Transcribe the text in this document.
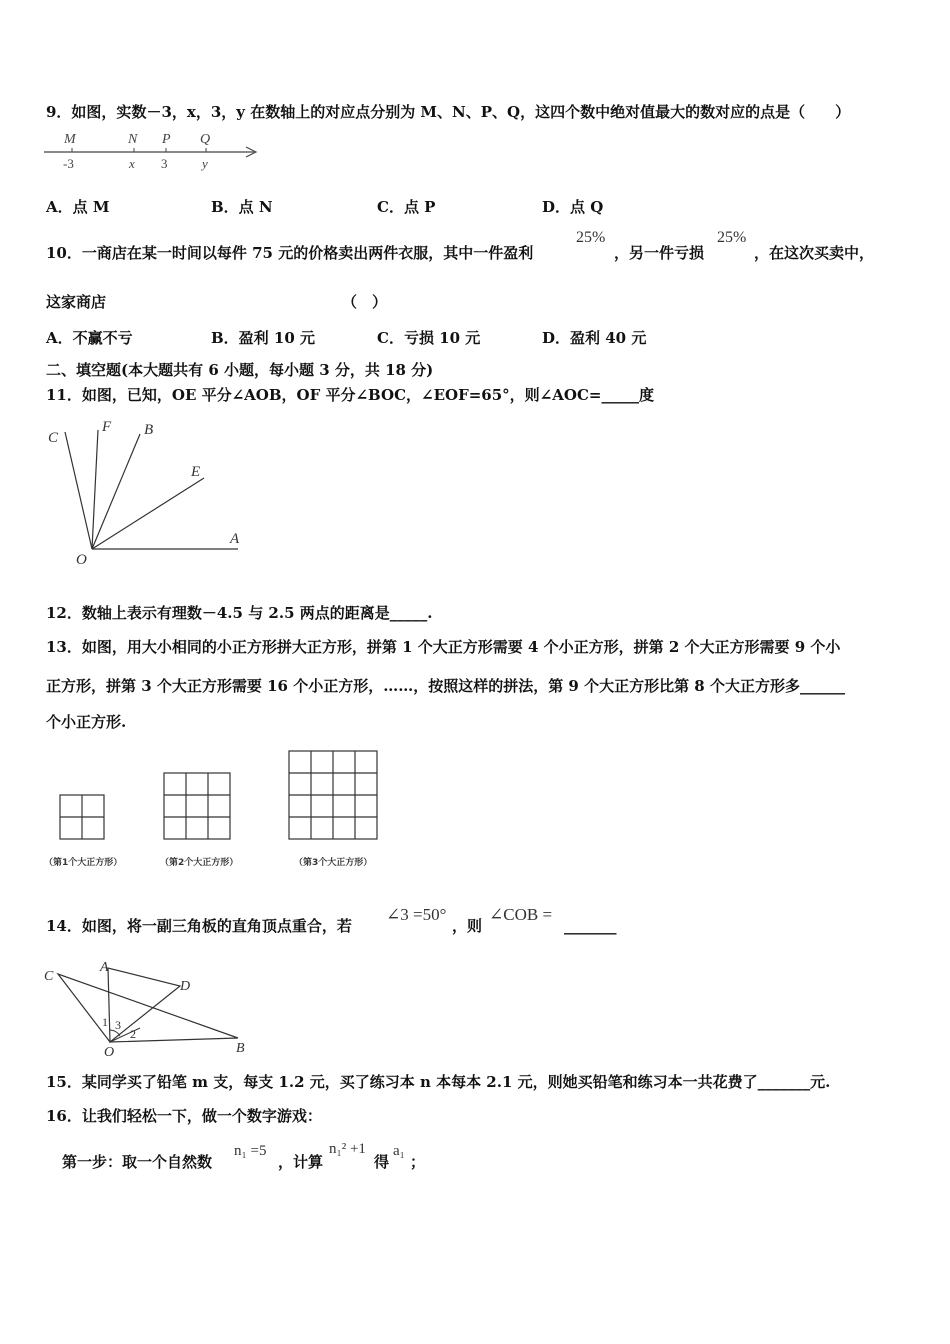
9．如图，实数－3，x，3，y 在数轴上的对应点分别为 M、N、P、Q，这四个数中绝对值最大的数对应的点是（　　）
M	N P Q
-3	x 3	y
A．点 M	B．点 N	C．点 P	D．点 Q
10．一商店在某一时间以每件 75 元的价格卖出两件衣服，其中一件盈利
25%
，另一件亏损
25%
，在这次买卖中，
这家商店	（　）
A．不赢不亏	B．盈利 10 元	C．亏损 10 元	D．盈利 40 元
二、填空题(本大题共有 6 小题，每小题 3 分，共 18 分)
11．如图，已知，OE 平分∠AOB，OF 平分∠BOC，∠EOF=65°，则∠AOC=_____度
C
F B
E
A
O
12．数轴上表示有理数－4.5 与 2.5 两点的距离是_____.
13．如图，用大小相同的小正方形拼大正方形，拼第 1 个大正方形需要 4 个小正方形，拼第 2 个大正方形需要 9 个小
正方形，拼第 3 个大正方形需要 16 个小正方形，……，按照这样的拼法，第 9 个大正方形比第 8 个大正方形多______
个小正方形.
（第1个大正方形）	（第2个大正方形）	（第3个大正方形）
14．如图，将一副三角板的直角顶点重合，若
∠3 =50°
，则
∠COB =
_______
C
A
D
O	B
1 3
2
15．某同学买了铅笔 m 支，每支 1.2 元，买了练习本 n 本每本 2.1 元，则她买铅笔和练习本一共花费了_______元.
16．让我们轻松一下，做一个数字游戏：
第一步：取一个自然数
n₁ =5
，计算
n₁² +1
得
a₁
；
